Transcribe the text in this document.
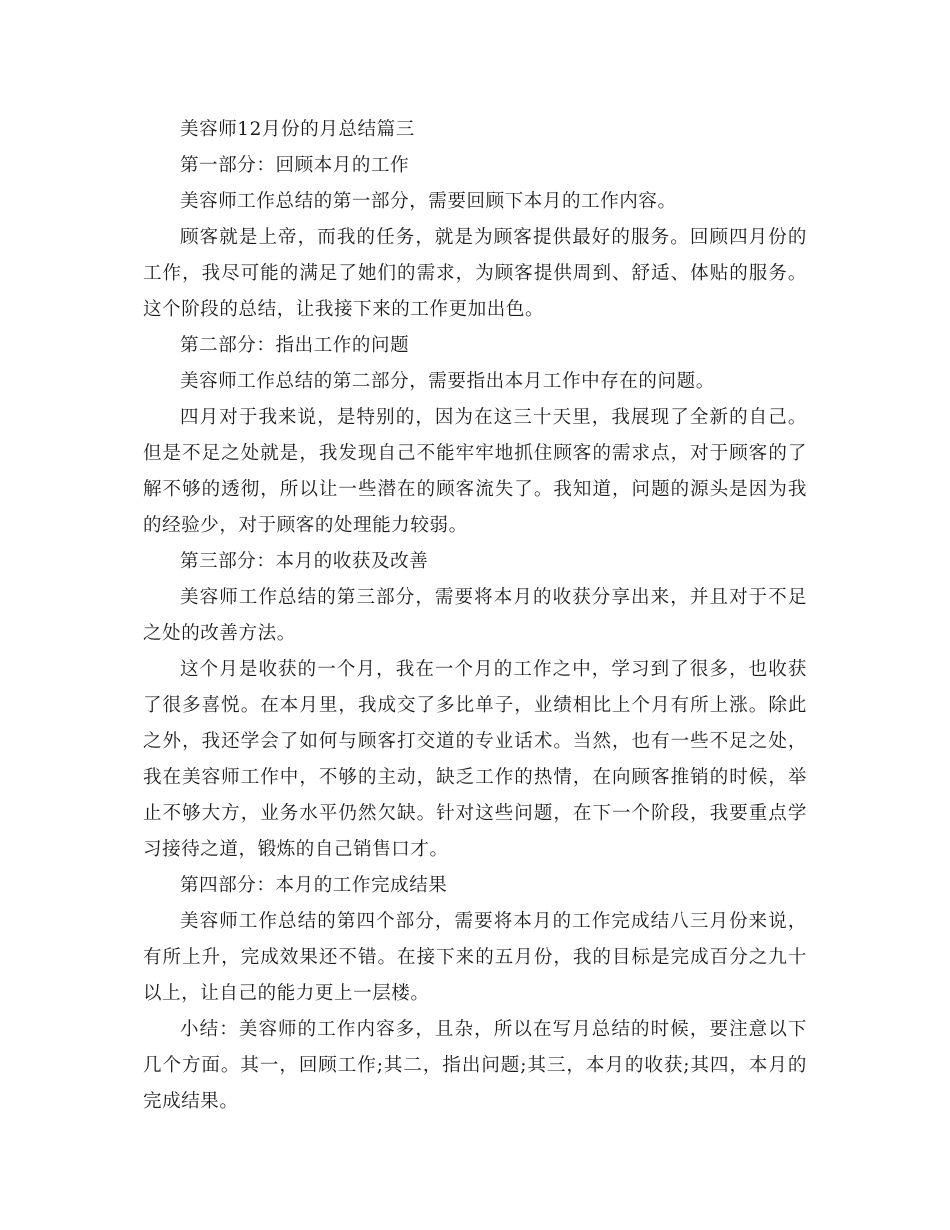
美容师12月份的月总结篇三

第一部分：回顾本月的工作

美容师工作总结的第一部分，需要回顾下本月的工作内容。

顾客就是上帝，而我的任务，就是为顾客提供最好的服务。回顾四月份的工作，我尽可能的满足了她们的需求，为顾客提供周到、舒适、体贴的服务。这个阶段的总结，让我接下来的工作更加出色。

第二部分：指出工作的问题

美容师工作总结的第二部分，需要指出本月工作中存在的问题。

四月对于我来说，是特别的，因为在这三十天里，我展现了全新的自己。但是不足之处就是，我发现自己不能牢牢地抓住顾客的需求点，对于顾客的了解不够的透彻，所以让一些潜在的顾客流失了。我知道，问题的源头是因为我的经验少，对于顾客的处理能力较弱。

第三部分：本月的收获及改善

美容师工作总结的第三部分，需要将本月的收获分享出来，并且对于不足之处的改善方法。

这个月是收获的一个月，我在一个月的工作之中，学习到了很多，也收获了很多喜悦。在本月里，我成交了多比单子，业绩相比上个月有所上涨。除此之外，我还学会了如何与顾客打交道的专业话术。当然，也有一些不足之处，我在美容师工作中，不够的主动，缺乏工作的热情，在向顾客推销的时候，举止不够大方，业务水平仍然欠缺。针对这些问题，在下一个阶段，我要重点学习接待之道，锻炼的自己销售口才。

第四部分：本月的工作完成结果

美容师工作总结的第四个部分，需要将本月的工作完成结八三月份来说，有所上升，完成效果还不错。在接下来的五月份，我的目标是完成百分之九十以上，让自己的能力更上一层楼。

小结：美容师的工作内容多，且杂，所以在写月总结的时候，要注意以下几个方面。其一，回顾工作;其二，指出问题;其三，本月的收获;其四，本月的完成结果。
